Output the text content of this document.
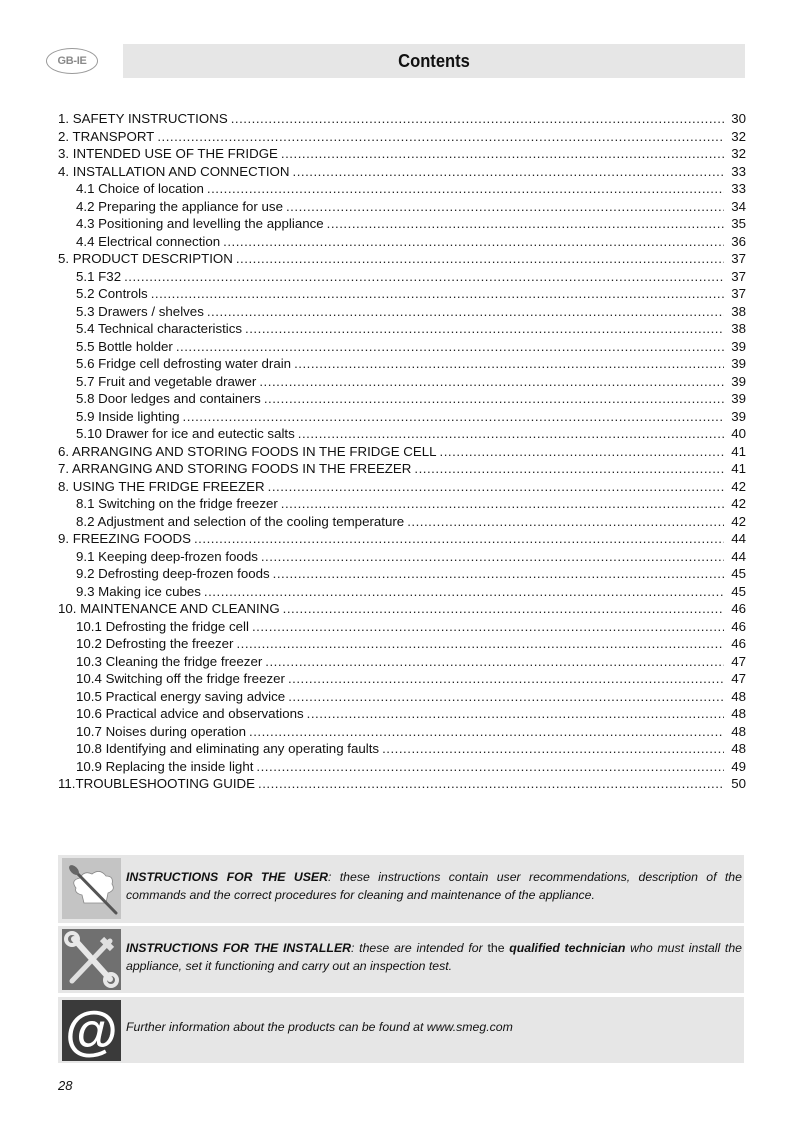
GB-IE	Contents
1. SAFETY INSTRUCTIONS .....	30
2. TRANSPORT .....	32
3. INTENDED USE OF THE FRIDGE .....	32
4. INSTALLATION AND CONNECTION .....	33
4.1 Choice of location .....	33
4.2 Preparing the appliance for use .....	34
4.3 Positioning and levelling the appliance .....	35
4.4 Electrical connection .....	36
5. PRODUCT DESCRIPTION .....	37
5.1 F32 .....	37
5.2 Controls .....	37
5.3 Drawers / shelves .....	38
5.4 Technical characteristics .....	38
5.5 Bottle holder .....	39
5.6 Fridge cell defrosting water drain .....	39
5.7 Fruit and vegetable drawer .....	39
5.8 Door ledges and containers .....	39
5.9 Inside lighting .....	39
5.10 Drawer for ice and eutectic salts .....	40
6. ARRANGING AND STORING FOODS IN THE FRIDGE CELL .....	41
7. ARRANGING AND STORING FOODS IN THE FREEZER .....	41
8. USING THE FRIDGE FREEZER .....	42
8.1 Switching on the fridge freezer .....	42
8.2 Adjustment and selection of the cooling temperature .....	42
9. FREEZING FOODS .....	44
9.1 Keeping deep-frozen foods .....	44
9.2 Defrosting deep-frozen foods .....	45
9.3 Making ice cubes .....	45
10. MAINTENANCE AND CLEANING .....	46
10.1 Defrosting the fridge cell .....	46
10.2 Defrosting the freezer .....	46
10.3 Cleaning the fridge freezer .....	47
10.4 Switching off the fridge freezer .....	47
10.5 Practical energy saving advice .....	48
10.6 Practical advice and observations .....	48
10.7 Noises during operation .....	48
10.8 Identifying and eliminating any operating faults .....	48
10.9 Replacing the inside light .....	49
11.TROUBLESHOOTING GUIDE .....	50
INSTRUCTIONS FOR THE USER: these instructions contain user recommendations, description of the commands and the correct procedures for cleaning and maintenance of the appliance.
INSTRUCTIONS FOR THE INSTALLER: these are intended for the qualified technician who must install the appliance, set it functioning and carry out an inspection test.
@ Further information about the products can be found at www.smeg.com
28
